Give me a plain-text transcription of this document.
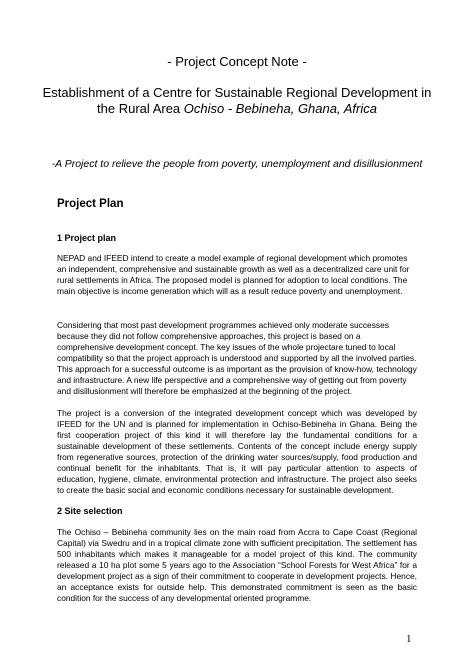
- Project Concept Note -
Establishment of a Centre for Sustainable Regional Development in the Rural Area Ochiso - Bebineha, Ghana, Africa
-A Project to relieve the people from poverty, unemployment and disillusionment
Project Plan
1 Project plan
NEPAD and IFEED intend to create a model example of regional development which promotes an independent, comprehensive and sustainable growth as well as a decentralized care unit for rural settlements in Africa. The proposed model is planned for adoption to local conditions. The main objective is income generation which will as a result reduce poverty and unemployment.
Considering that most past development programmes achieved only moderate successes because they did not follow comprehensive approaches, this project is based on a comprehensive development concept. The key issues of the whole projectare tuned to local compatibility so that the project approach is understood and supported by all the involved parties. This approach for a successful outcome is as important as the provision of know-how, technology and infrastructure. A new life perspective and a comprehensive way of getting out from poverty and disillusionment will therefore be emphasized at the beginning of the project.
The project is a conversion of the integrated development concept which was developed by IFEED for the UN and is planned for implementation in Ochiso-Bebineha in Ghana. Being the first cooperation project of this kind it will therefore lay the fundamental conditions for a sustainable development of these settlements. Contents of the concept include energy supply from regenerative sources, protection of the drinking water sources/supply, food production and continual benefit for the inhabitants. That is, it will pay particular attention to aspects of education, hygiene, climate, environmental protection and infrastructure. The project also seeks to create the basic social and economic conditions necessary for sustainable development.
2 Site selection
The Ochiso – Bebineha community lies on the main road from Accra to Cape Coast (Regional Capital) via Swedru and in a tropical climate zone with sufficient precipitation. The settlement has 500 inhabitants which makes it manageable for a model project of this kind. The community released a 10 ha plot some 5 years ago to the Association “School Forests for West Africa” for a development project as a sign of their commitment to cooperate in development projects. Hence, an acceptance exists for outside help. This demonstrated commitment is seen as the basic condition for the success of any developmental oriented programme.
1
